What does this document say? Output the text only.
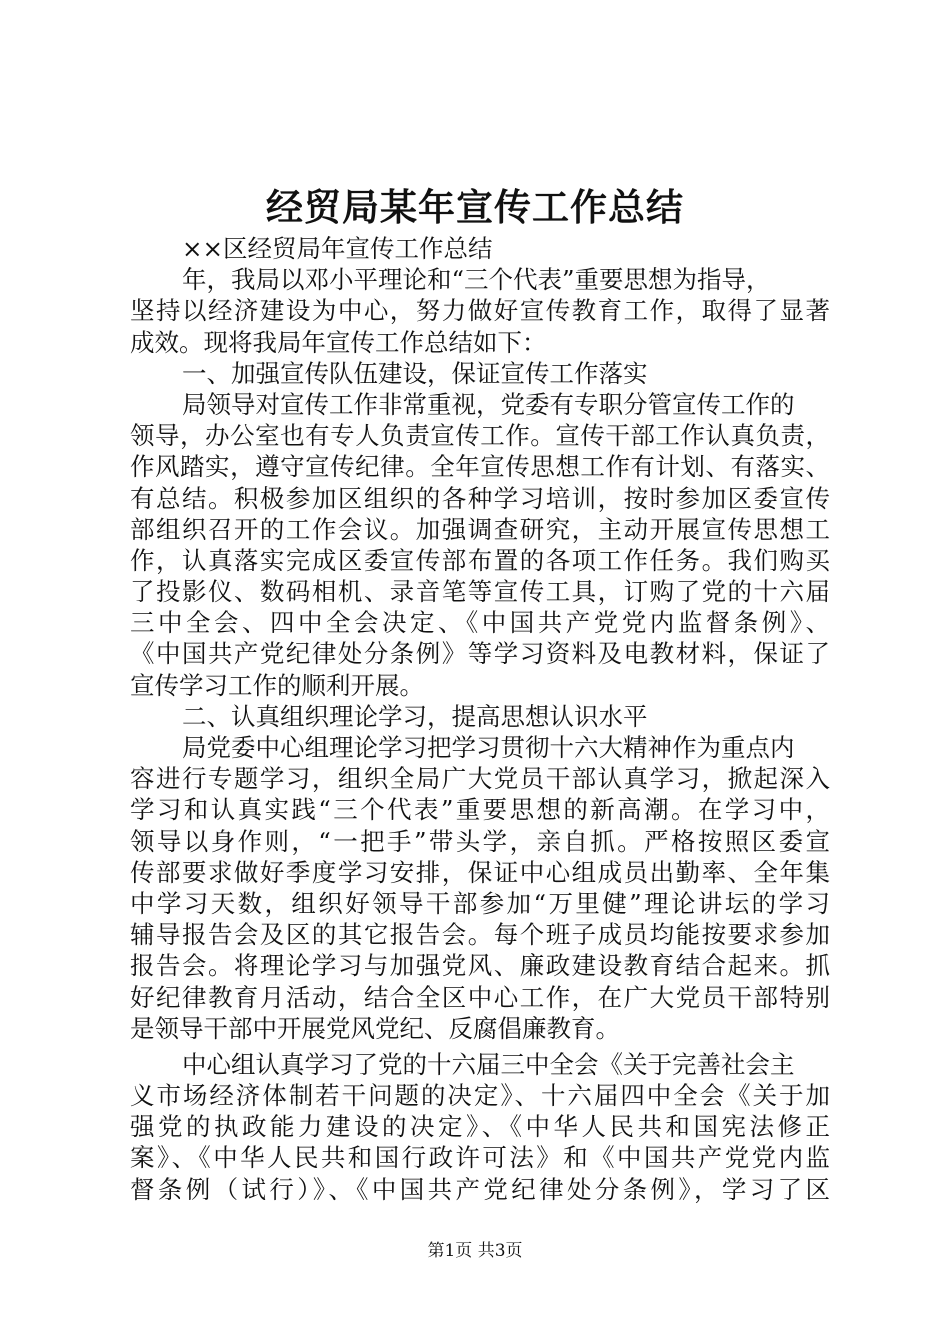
经贸局某年宣传工作总结
××区经贸局年宣传工作总结
年，我局以邓小平理论和“三个代表”重要思想为指导，
坚持以经济建设为中心，努力做好宣传教育工作，取得了显著
成效。现将我局年宣传工作总结如下：
一、加强宣传队伍建设，保证宣传工作落实
局领导对宣传工作非常重视，党委有专职分管宣传工作的
领导，办公室也有专人负责宣传工作。宣传干部工作认真负责，
作风踏实，遵守宣传纪律。全年宣传思想工作有计划、有落实、
有总结。积极参加区组织的各种学习培训，按时参加区委宣传
部组织召开的工作会议。加强调查研究，主动开展宣传思想工
作，认真落实完成区委宣传部布置的各项工作任务。我们购买
了投影仪、数码相机、录音笔等宣传工具，订购了党的十六届
三中全会、四中全会决定、《中国共产党党内监督条例》、
《中国共产党纪律处分条例》等学习资料及电教材料，保证了
宣传学习工作的顺利开展。
二、认真组织理论学习，提高思想认识水平
局党委中心组理论学习把学习贯彻十六大精神作为重点内
容进行专题学习，组织全局广大党员干部认真学习，掀起深入
学习和认真实践“三个代表”重要思想的新高潮。在学习中，
领导以身作则，“一把手”带头学，亲自抓。严格按照区委宣
传部要求做好季度学习安排，保证中心组成员出勤率、全年集
中学习天数，组织好领导干部参加“万里健”理论讲坛的学习
辅导报告会及区的其它报告会。每个班子成员均能按要求参加
报告会。将理论学习与加强党风、廉政建设教育结合起来。抓
好纪律教育月活动，结合全区中心工作，在广大党员干部特别
是领导干部中开展党风党纪、反腐倡廉教育。
中心组认真学习了党的十六届三中全会《关于完善社会主
义市场经济体制若干问题的决定》、十六届四中全会《关于加
强党的执政能力建设的决定》、《中华人民共和国宪法修正
案》、《中华人民共和国行政许可法》和《中国共产党党内监
督条例（试行）》、《中国共产党纪律处分条例》，学习了区
第1页 共3页
